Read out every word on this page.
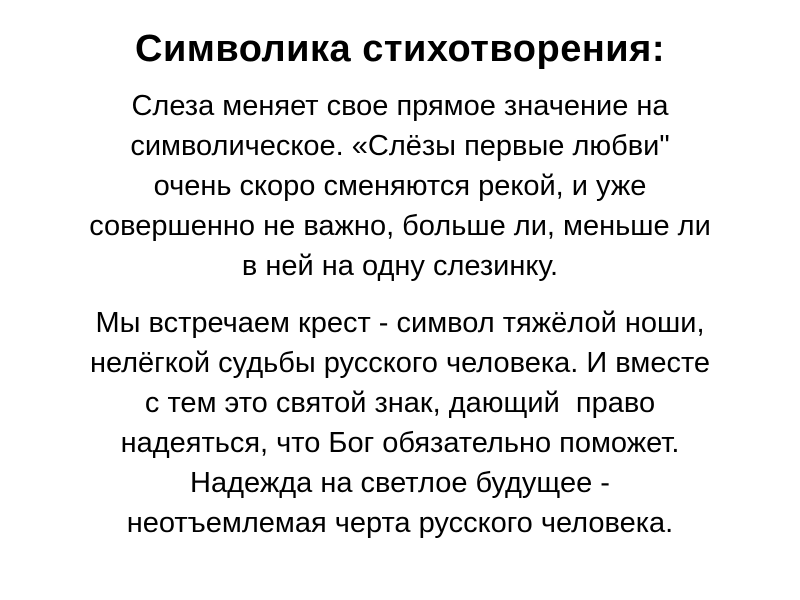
Символика стихотворения:
Слеза меняет свое прямое значение на
символическое. «Слёзы первые любви"
очень скоро сменяются рекой, и уже
совершенно не важно, больше ли, меньше ли
в ней на одну слезинку.
Мы встречаем крест - символ тяжёлой ноши,
нелёгкой судьбы русского человека. И вместе
с тем это святой знак, дающий  право
надеяться, что Бог обязательно поможет.
Надежда на светлое будущее -
неотъемлемая черта русского человека.
